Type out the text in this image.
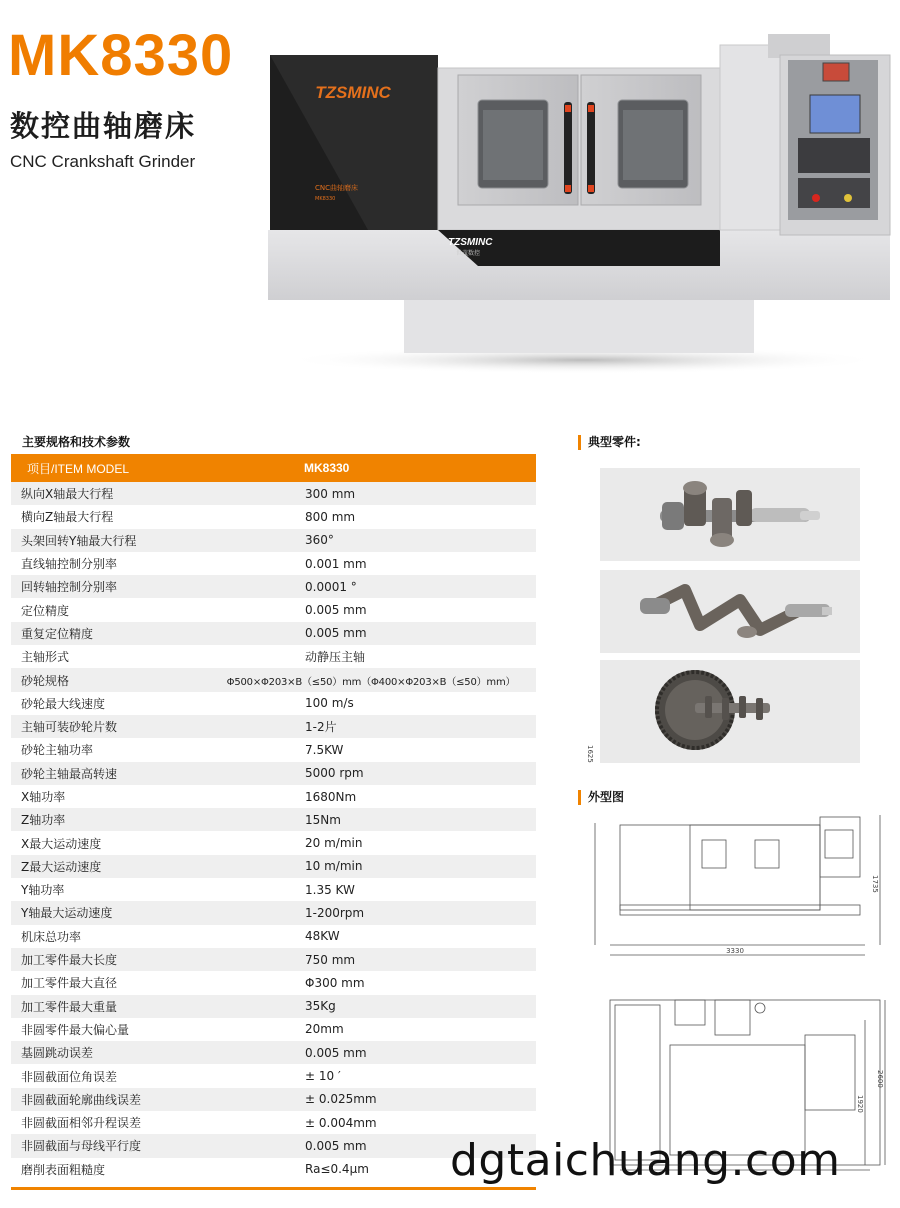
MK8330
数控曲轴磨床
CNC Crankshaft Grinder
TZSMINC
CNC曲轴磨床
MK8330
TZSMINC
世茂数控
主要规格和技术参数
项目/ITEM MODEL	MK8330
纵向X轴最大行程	300 mm
横向Z轴最大行程	800 mm
头架回转Y轴最大行程	360°
直线轴控制分别率	0.001 mm
回转轴控制分别率	0.0001 °
定位精度	0.005 mm
重复定位精度	0.005 mm
主轴形式	动静压主轴
砂轮规格	Φ500×Φ203×B（≤50）mm（Φ400×Φ203×B（≤50）mm）
砂轮最大线速度	100 m/s
主轴可装砂轮片数	1-2片
砂轮主轴功率	7.5KW
砂轮主轴最高转速	5000 rpm
X轴功率	1680Nm
Z轴功率	15Nm
X最大运动速度	20 m/min
Z最大运动速度	10 m/min
Y轴功率	1.35 KW
Y轴最大运动速度	1-200rpm
机床总功率	48KW
加工零件最大长度	750 mm
加工零件最大直径	Φ300 mm
加工零件最大重量	35Kg
非圆零件最大偏心量	20mm
基圆跳动误差	0.005 mm
非圆截面位角误差	± 10 ′
非圆截面轮廓曲线误差	± 0.025mm
非圆截面相邻升程误差	± 0.004mm
非圆截面与母线平行度	0.005 mm
磨削表面粗糙度	Ra≤0.4μm
典型零件:
外型图
3330
1625
1735
1920
2600
dgtaichuang.com
